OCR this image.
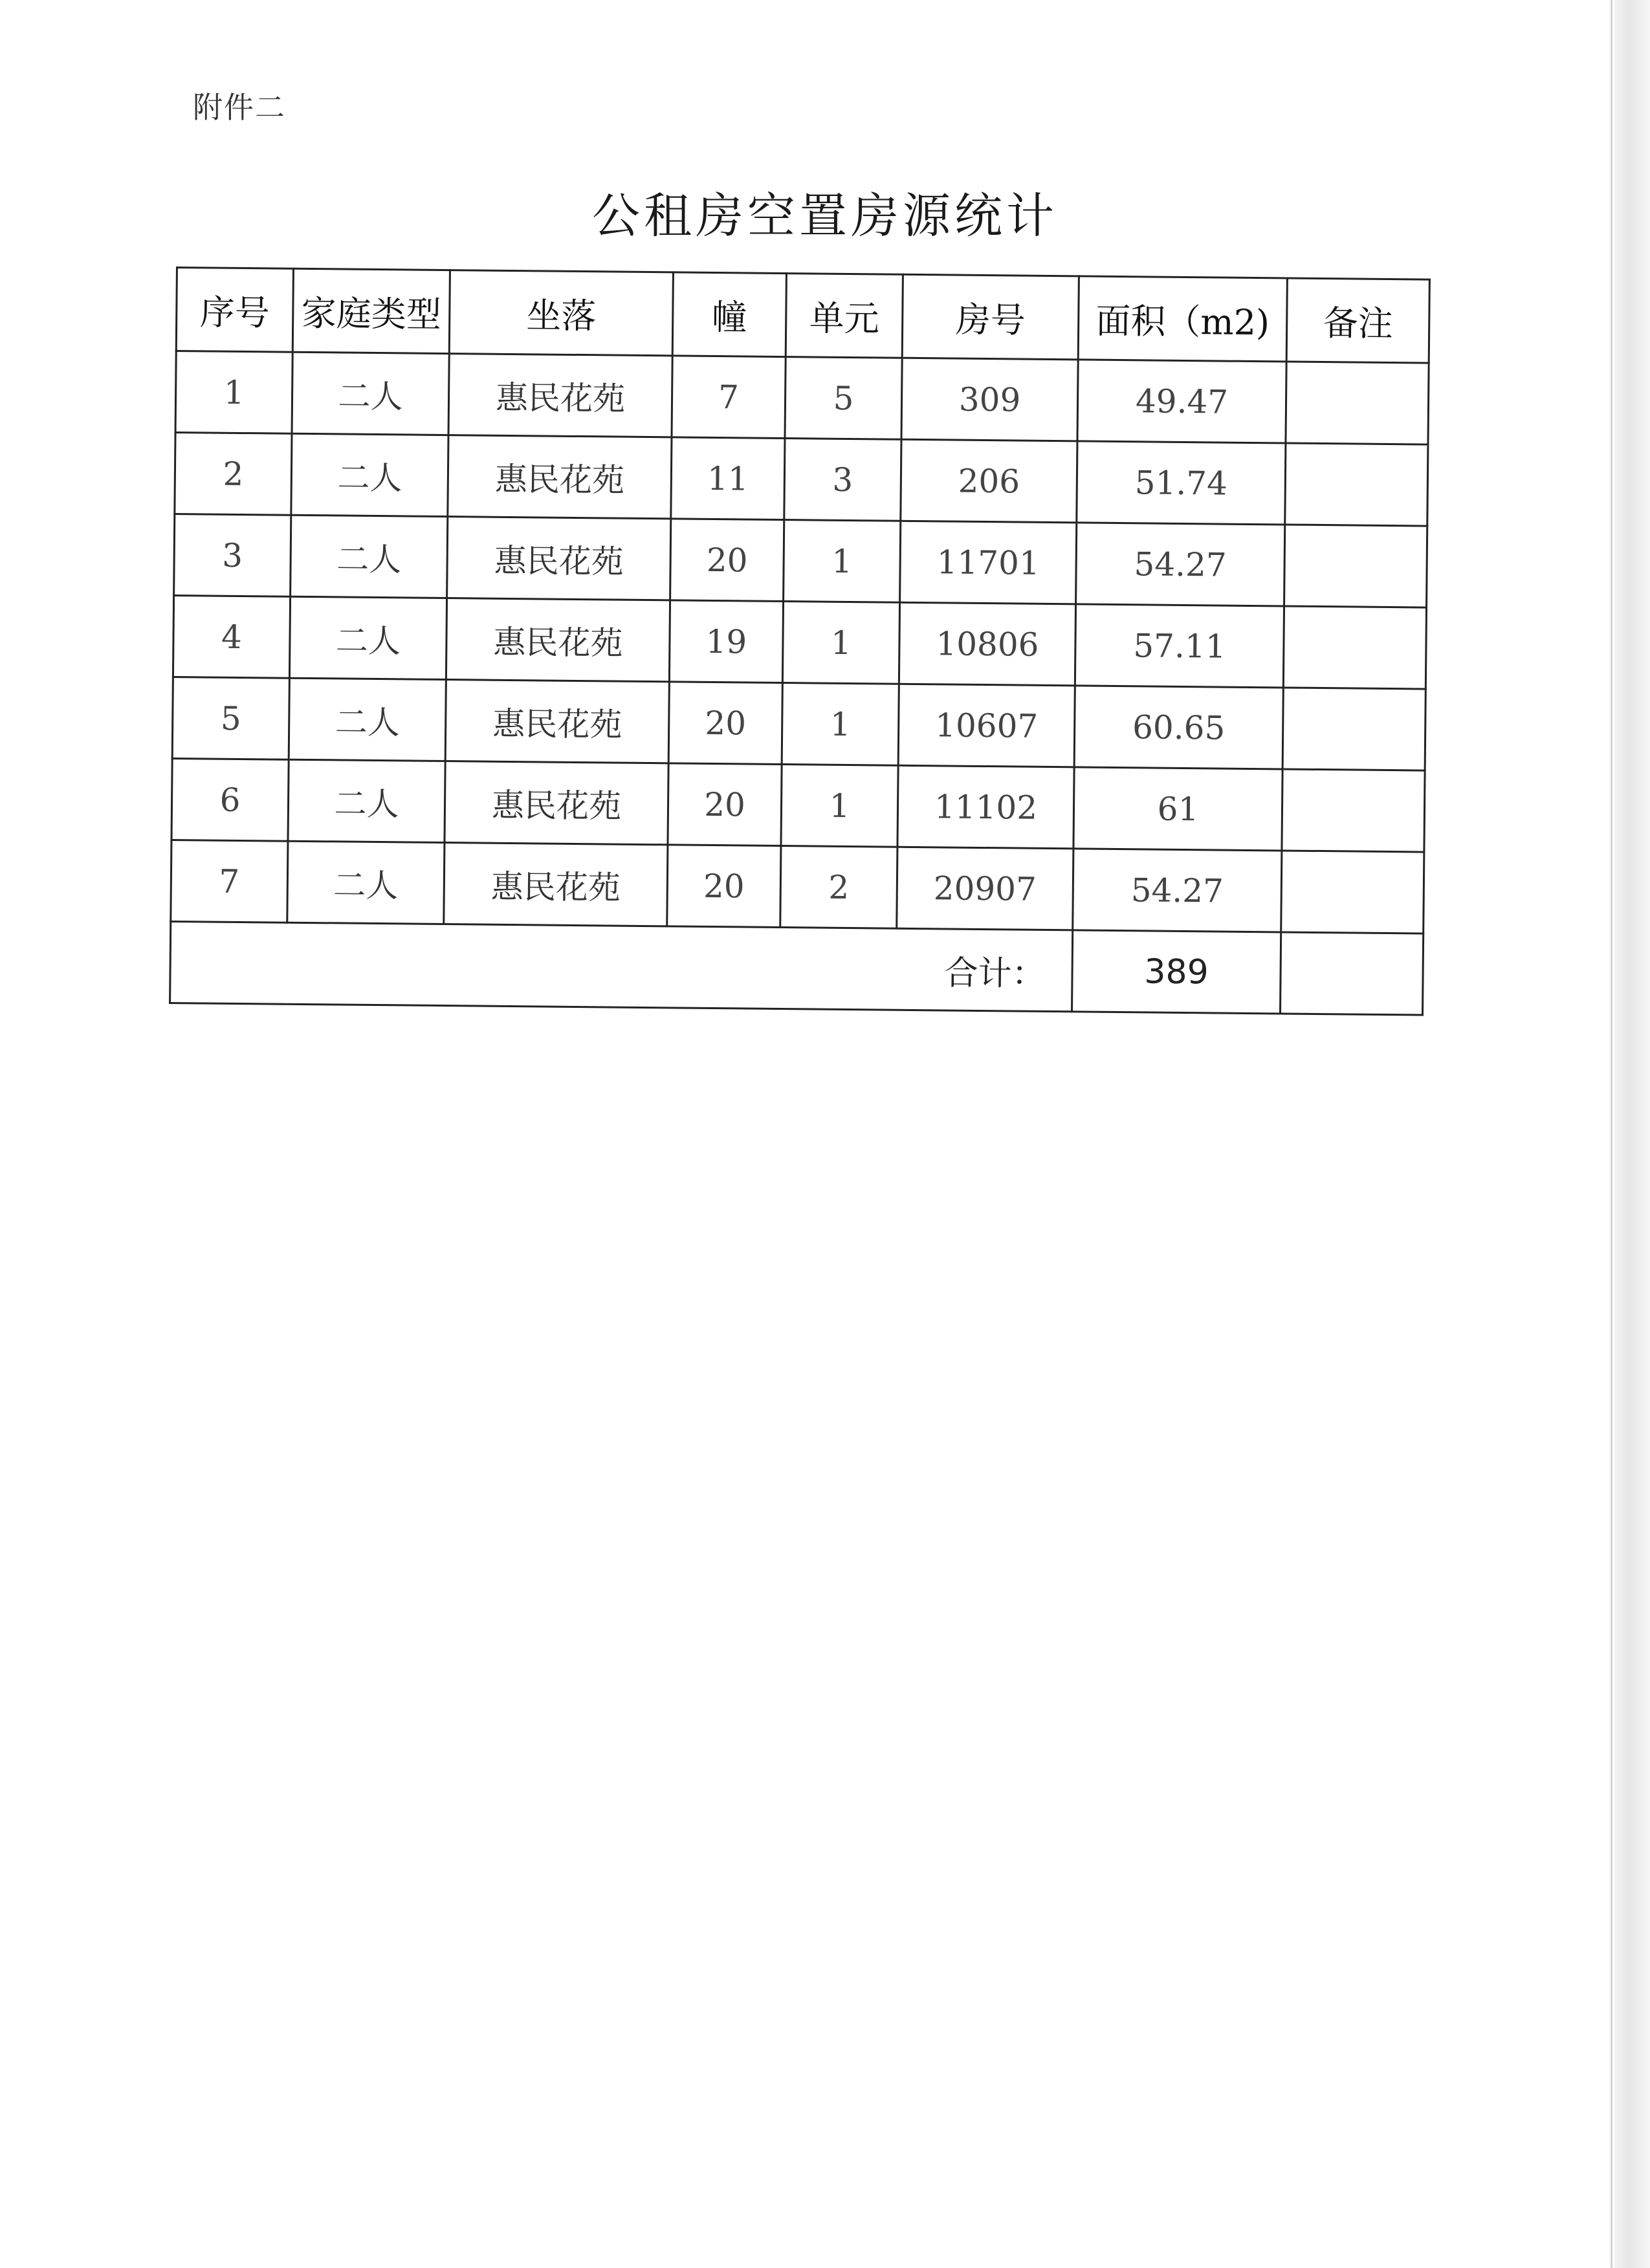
附件二
公租房空置房源统计
序号	家庭类型	坐落	幢	单元	房号	面积（m2)	备注
1	二人	惠民花苑	7	5	309	49.47	
2	二人	惠民花苑	11	3	206	51.74	
3	二人	惠民花苑	20	1	11701	54.27	
4	二人	惠民花苑	19	1	10806	57.11	
5	二人	惠民花苑	20	1	10607	60.65	
6	二人	惠民花苑	20	1	11102	61	
7	二人	惠民花苑	20	2	20907	54.27	
合计：						389	
